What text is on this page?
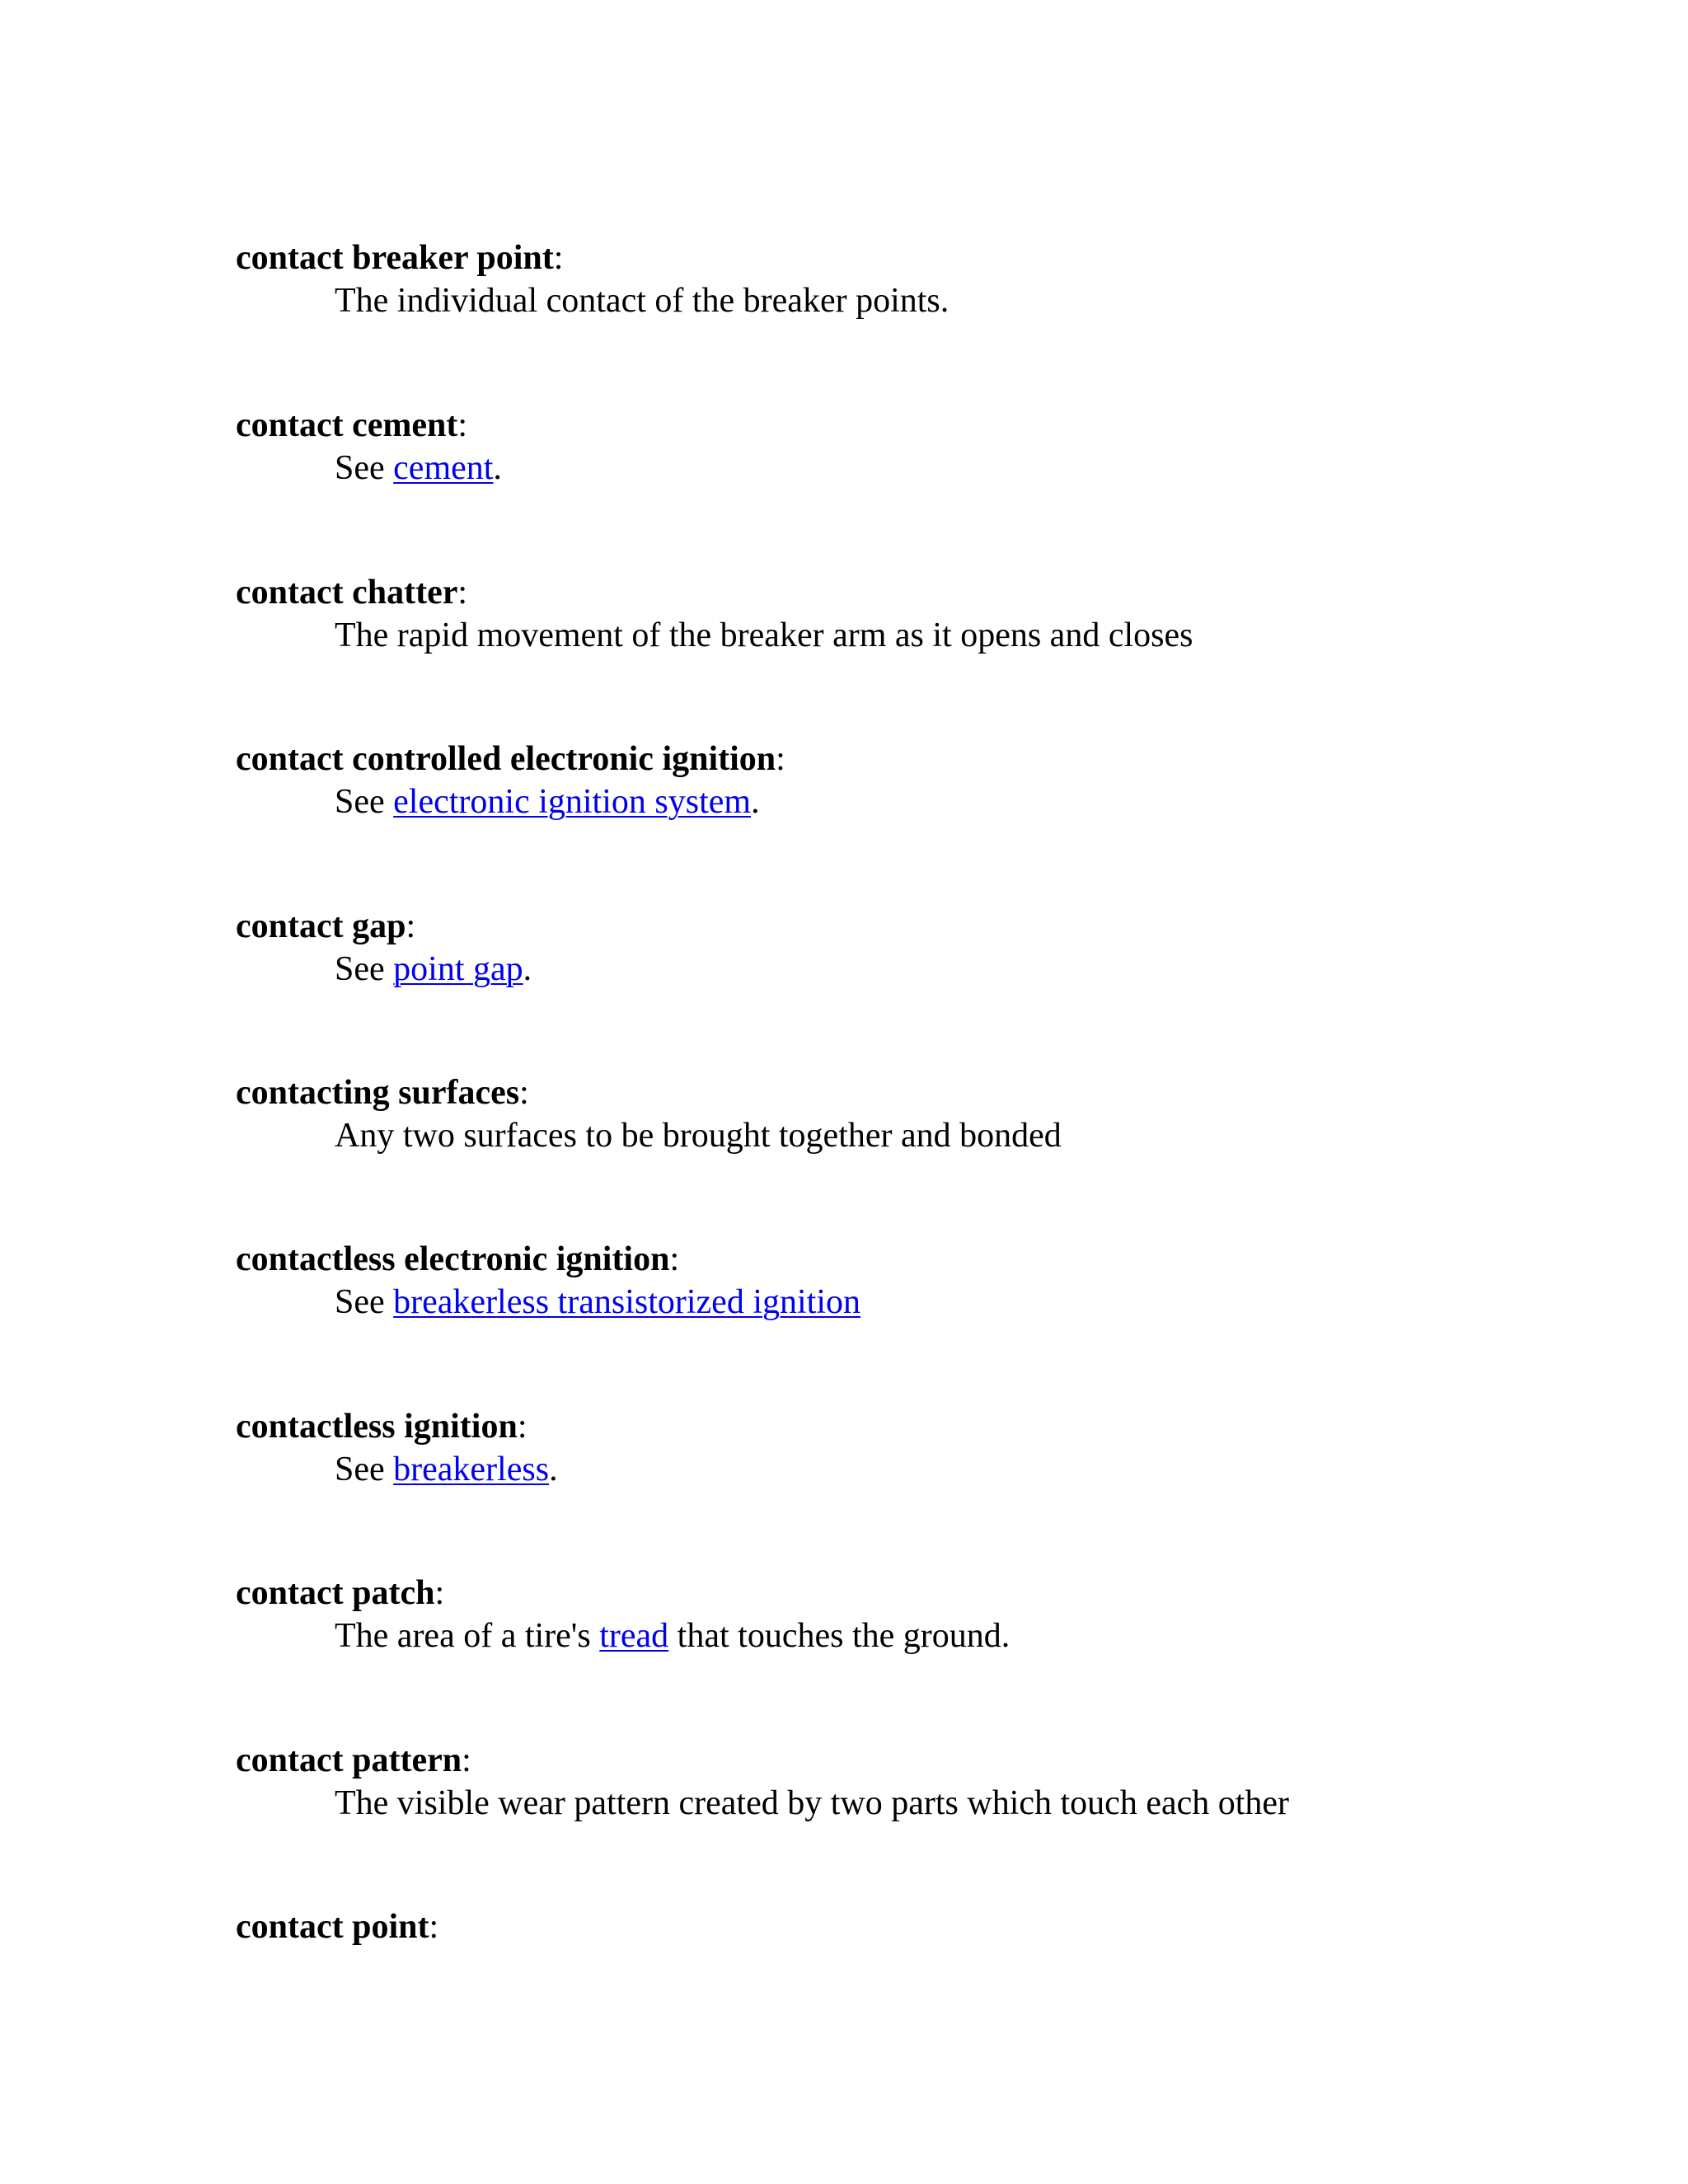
contact breaker point:
The individual contact of the breaker points.
contact cement:
See cement.
contact chatter:
The rapid movement of the breaker arm as it opens and closes
contact controlled electronic ignition:
See electronic ignition system.
contact gap:
See point gap.
contacting surfaces:
Any two surfaces to be brought together and bonded
contactless electronic ignition:
See breakerless transistorized ignition
contactless ignition:
See breakerless.
contact patch:
The area of a tire's tread that touches the ground.
contact pattern:
The visible wear pattern created by two parts which touch each other
contact point:
